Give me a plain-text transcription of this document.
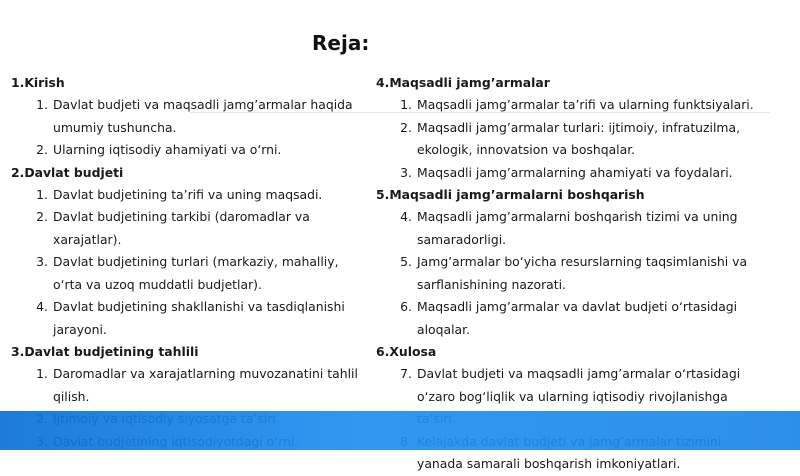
Reja:
1.Kirish
1. Davlat budjeti va maqsadli jamg’armalar haqida umumiy tushuncha.
2. Ularning iqtisodiy ahamiyati va o‘rni.
2.Davlat budjeti
1. Davlat budjetining ta’rifi va uning maqsadi.
2. Davlat budjetining tarkibi (daromadlar va xarajatlar).
3. Davlat budjetining turlari (markaziy, mahalliy, o‘rta va uzoq muddatli budjetlar).
4. Davlat budjetining shakllanishi va tasdiqlanishi jarayoni.
3.Davlat budjetining tahlili
1. Daromadlar va xarajatlarning muvozanatini tahlil qilish.
4.Maqsadli jamg’armalar
1. Maqsadli jamg’armalar ta’rifi va ularning funktsiyalari.
2. Maqsadli jamg’armalar turlari: ijtimoiy, infratuzilma, ekologik, innovatsion va boshqalar.
3. Maqsadli jamg’armalarning ahamiyati va foydalari.
5.Maqsadli jamg’armalarni boshqarish
4. Maqsadli jamg’armalarni boshqarish tizimi va uning samaradorligi.
5. Jamg’armalar bo‘yicha resurslarning taqsimlanishi va sarflanishining nazorati.
6. Maqsadli jamg’armalar va davlat budjeti o‘rtasidagi aloqalar.
6.Xulosa
7. Davlat budjeti va maqsadli jamg’armalar o‘rtasidagi o‘zaro bog‘liqlik va ularning iqtisodiy rivojlanishga
yanada samarali boshqarish imkoniyatlari.
